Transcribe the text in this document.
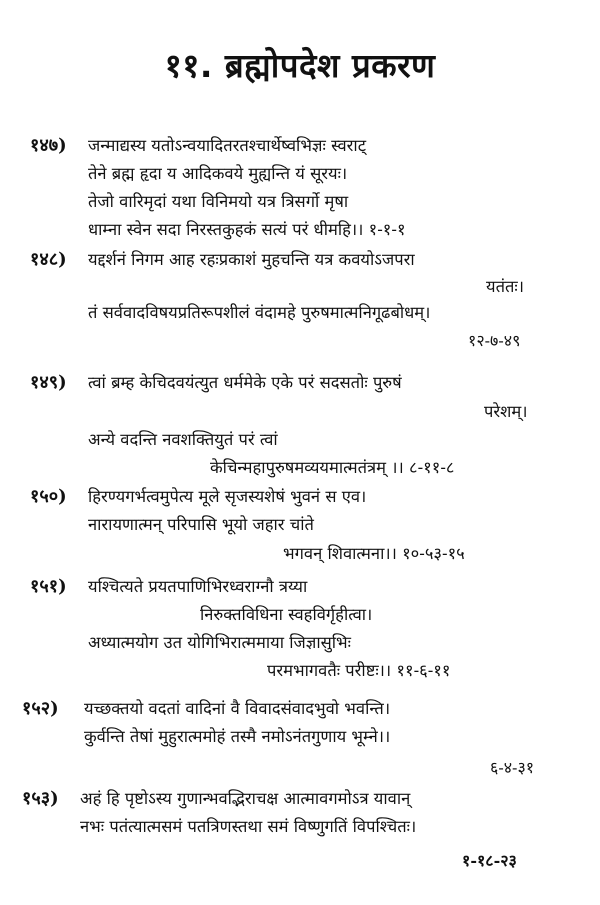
११. ब्रह्मोपदेश प्रकरण
१४७) जन्माद्यस्य यतोऽन्वयादितरतश्चार्थेष्वभिज्ञः स्वराट्
तेने ब्रह्म हृदा य आदिकवये मुह्यन्ति यं सूरयः।
तेजो वारिमृदां यथा विनिमयो यत्र त्रिसर्गो मृषा
धाम्ना स्वेन सदा निरस्तकुहकं सत्यं परं धीमहि।। १-१-१
१४८) यद्दर्शनं निगम आह रहःप्रकाशं मुहचन्ति यत्र कवयोऽजपरा
यतंतः।
तं सर्ववादविषयप्रतिरूपशीलं वंदामहे पुरुषमात्मनिगूढबोधम्।
१२-७-४९
१४९) त्वां ब्रम्ह केचिदवयंत्युत धर्ममेके एके परं सदसतोः पुरुषं
परेशम्।
अन्ये वदन्ति नवशक्तियुतं परं त्वां
केचिन्महापुरुषमव्ययमात्मतंत्रम् ।। ८-११-८
१५०) हिरण्यगर्भत्वमुपेत्य मूले सृजस्यशेषं भुवनं स एव।
नारायणात्मन् परिपासि भूयो जहार चांते
भगवन् शिवात्मना।। १०-५३-१५
१५१) यश्चित्यते प्रयतपाणिभिरध्वराग्नौ त्रय्या
निरुक्तविधिना स्वहविर्गृहीत्वा।
अध्यात्मयोग उत योगिभिरात्ममाया जिज्ञासुभिः
परमभागवतैः परीष्टः।। ११-६-११
१५२) यच्छक्तयो वदतां वादिनां वै विवादसंवादभुवो भवन्ति।
कुर्वन्ति तेषां मुहुरात्ममोहं तस्मै नमोऽनंतगुणाय भूम्ने।।
६-४-३१
१५३) अहं हि पृष्टोऽस्य गुणान्भवद्भिराचक्ष आत्मावगमोऽत्र यावान्
नभः पतंत्यात्मसमं पतत्रिणस्तथा समं विष्णुगतिं विपश्चितः।
१-१८-२३
